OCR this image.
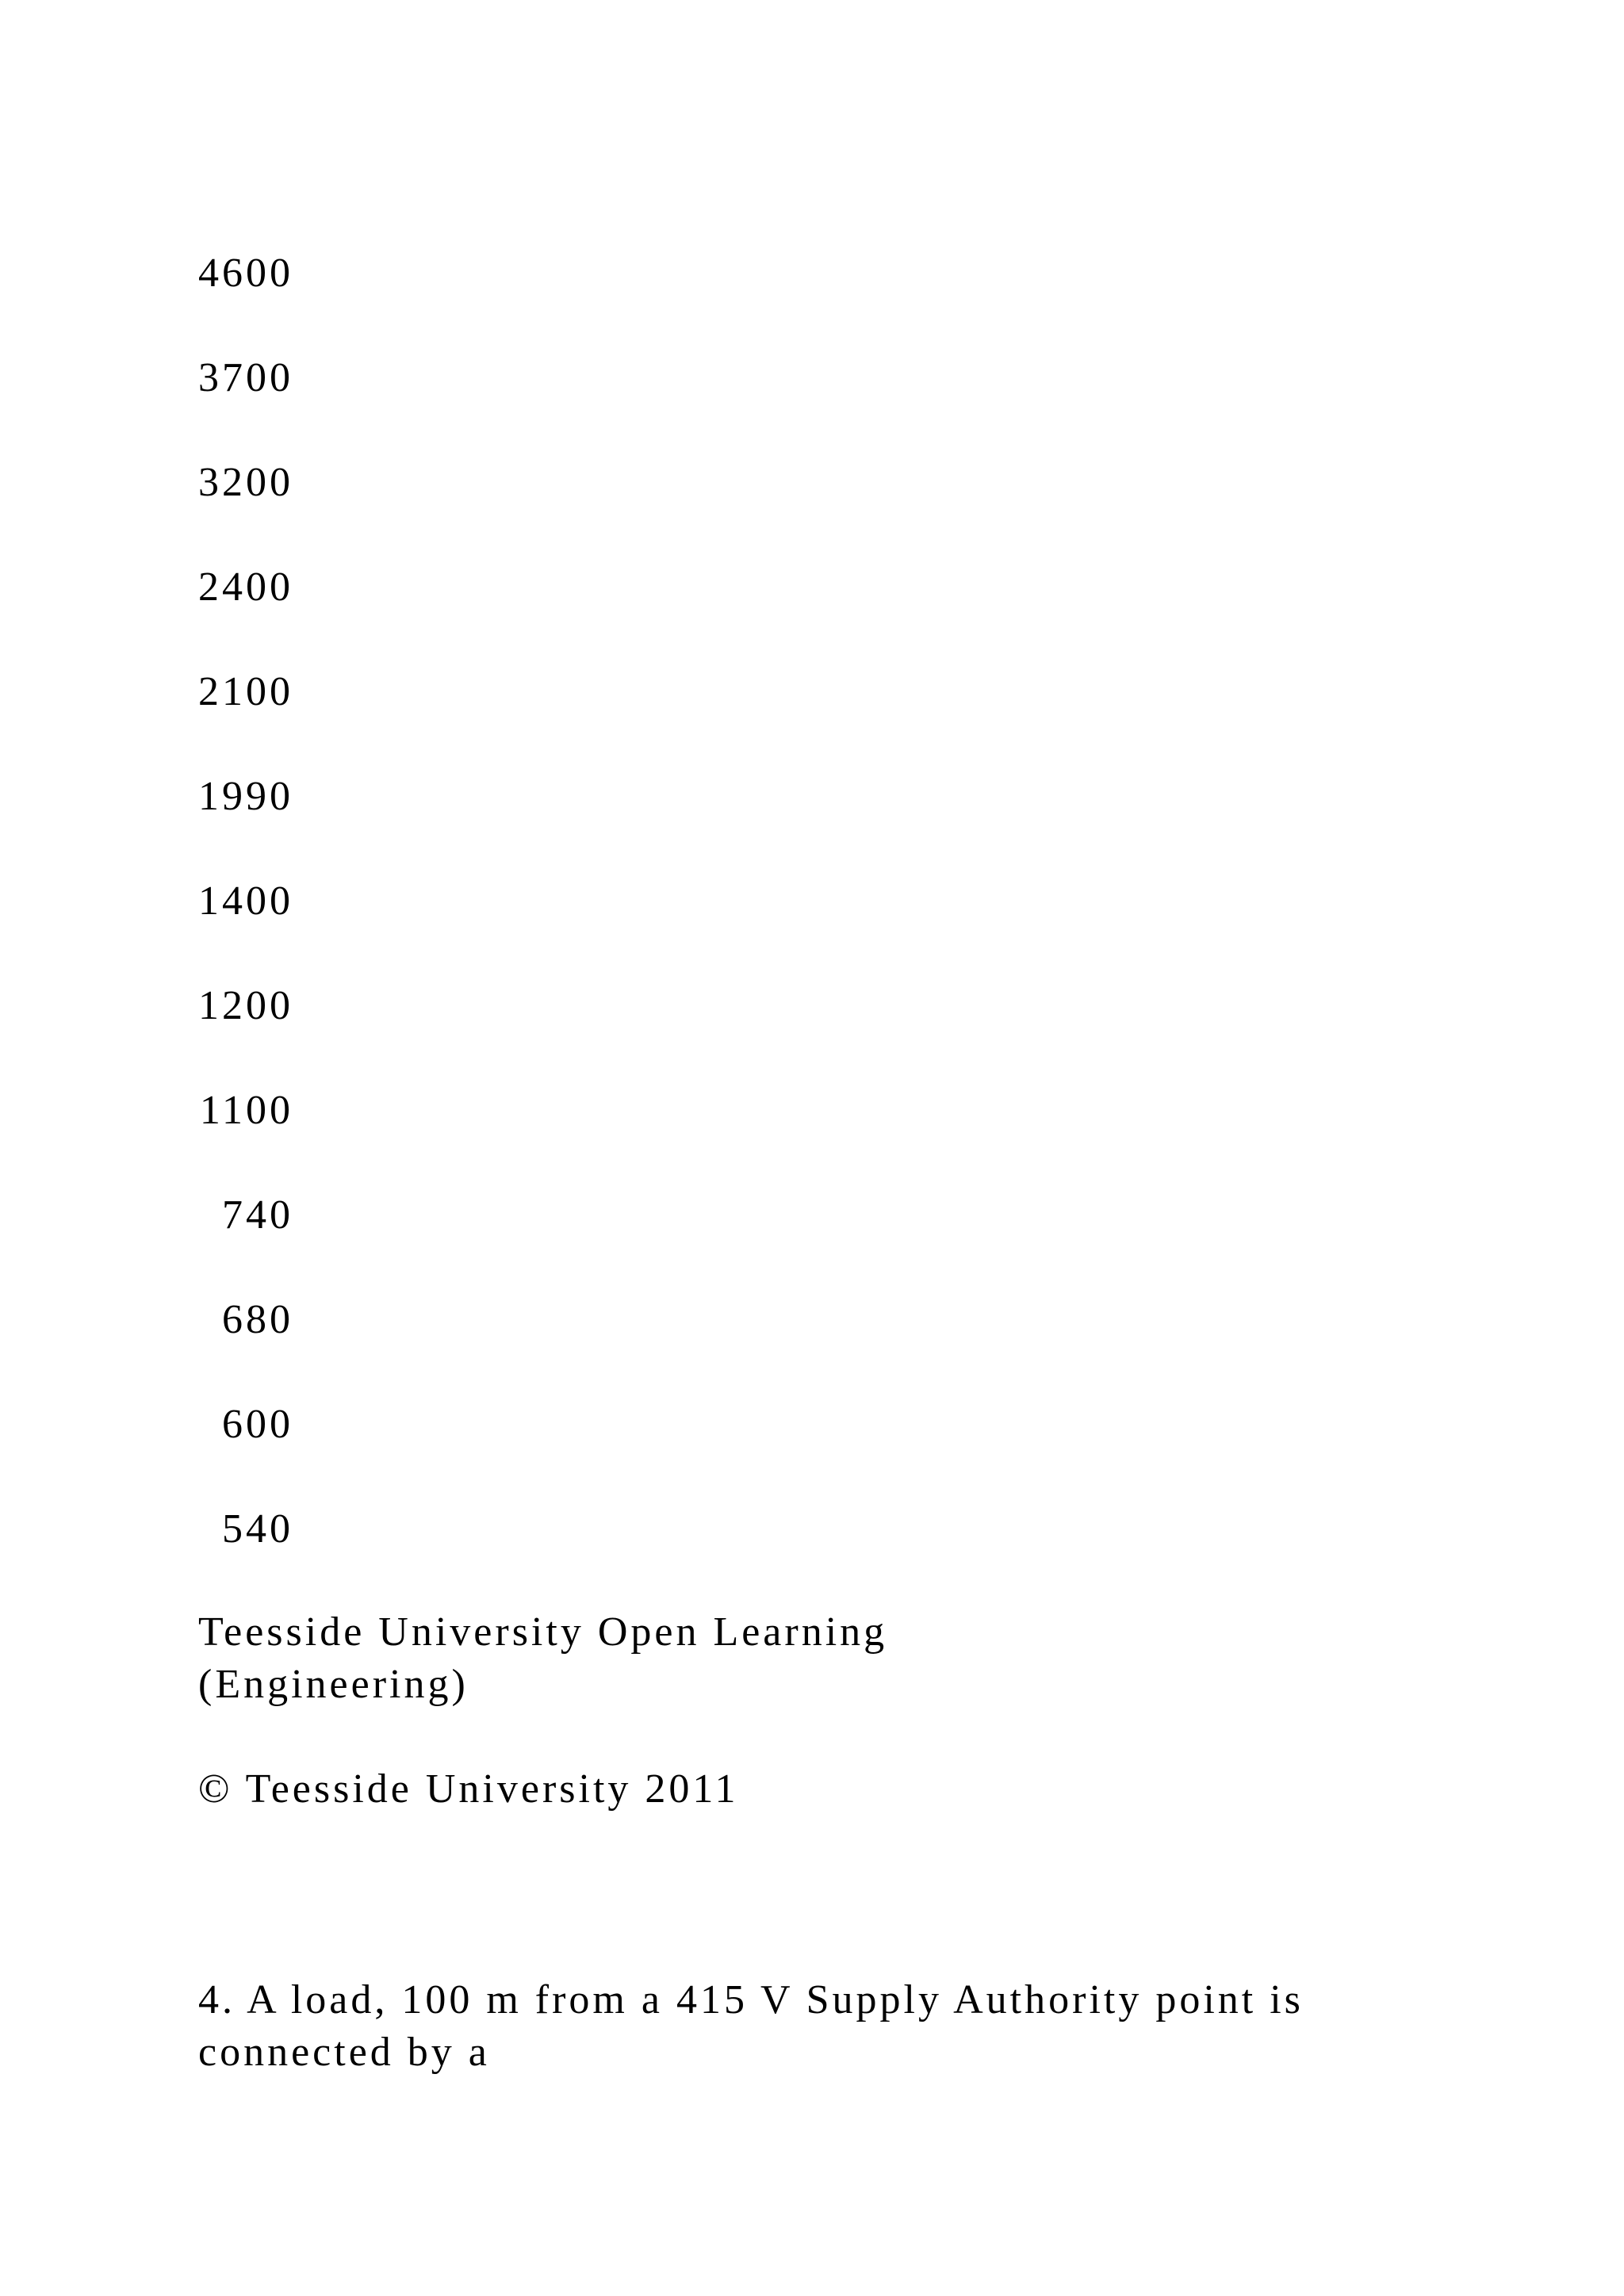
4600
3700
3200
2400
2100
1990
1400
1200
1100
740
680
600
540

Teesside University Open Learning

(Engineering)

© Teesside University 2011

4. A load, 100 m from a 415 V Supply Authority point is

connected by a
